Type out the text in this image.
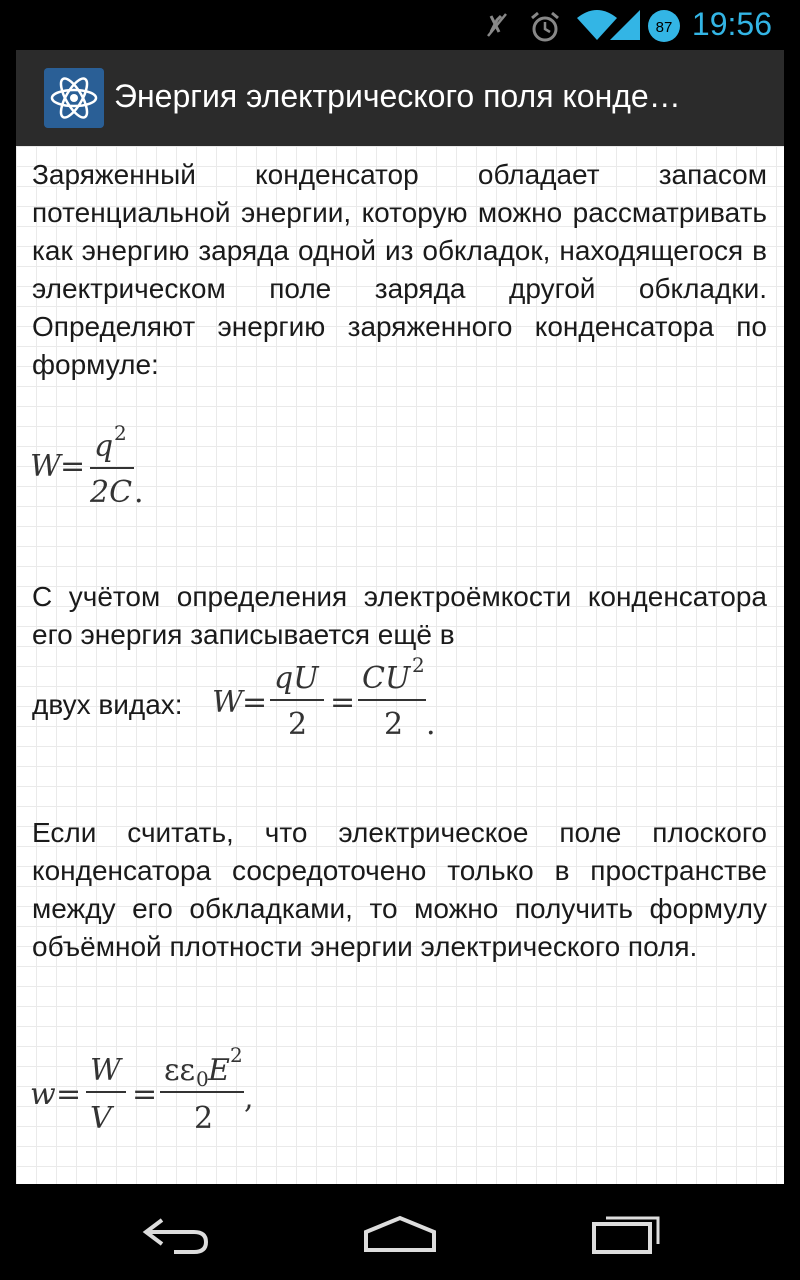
87 19:56
Энергия электрического поля конде…
Заряженный конденсатор обладает запасом потенциальной энергии, которую можно рассматривать как энергию заряда одной из обкладок, находящегося в электрическом поле заряда другой обкладки. Определяют энергию заряженного конденсатора по формуле:
W =
q 2
2C .
С учётом определения электроёмкости конденсатора его энергия записывается ещё в
двух видах: W =
qU
2
=
CU 2
2 .
Если считать, что электрическое поле плоского конденсатора сосредоточено только в пространстве между его обкладками, то можно получить формулу объёмной плотности энергии электрического поля.
w =
W
V
=
εε 0 E 2
2
,
